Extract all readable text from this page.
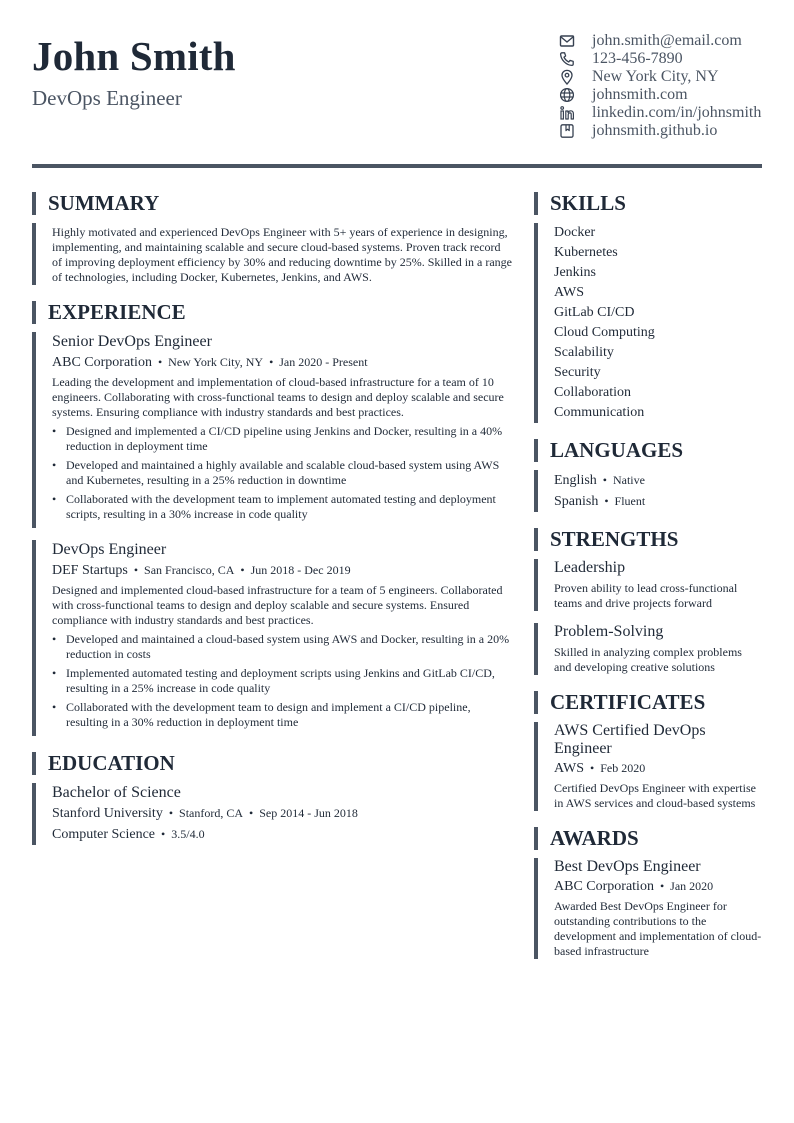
John Smith
DevOps Engineer
john.smith@email.com
123-456-7890
New York City, NY
johnsmith.com
linkedin.com/in/johnsmith
johnsmith.github.io
SUMMARY
Highly motivated and experienced DevOps Engineer with 5+ years of experience in designing, implementing, and maintaining scalable and secure cloud-based systems. Proven track record of improving deployment efficiency by 30% and reducing downtime by 25%. Skilled in a range of technologies, including Docker, Kubernetes, Jenkins, and AWS.
EXPERIENCE
Senior DevOps Engineer
ABC Corporation • New York City, NY • Jan 2020 - Present
Leading the development and implementation of cloud-based infrastructure for a team of 10 engineers. Collaborating with cross-functional teams to design and deploy scalable and secure systems. Ensuring compliance with industry standards and best practices.
• Designed and implemented a CI/CD pipeline using Jenkins and Docker, resulting in a 40% reduction in deployment time
• Developed and maintained a highly available and scalable cloud-based system using AWS and Kubernetes, resulting in a 25% reduction in downtime
• Collaborated with the development team to implement automated testing and deployment scripts, resulting in a 30% increase in code quality
DevOps Engineer
DEF Startups • San Francisco, CA • Jun 2018 - Dec 2019
Designed and implemented cloud-based infrastructure for a team of 5 engineers. Collaborated with cross-functional teams to design and deploy scalable and secure systems. Ensured compliance with industry standards and best practices.
• Developed and maintained a cloud-based system using AWS and Docker, resulting in a 20% reduction in costs
• Implemented automated testing and deployment scripts using Jenkins and GitLab CI/CD, resulting in a 25% increase in code quality
• Collaborated with the development team to design and implement a CI/CD pipeline, resulting in a 30% reduction in deployment time
EDUCATION
Bachelor of Science
Stanford University • Stanford, CA • Sep 2014 - Jun 2018
Computer Science • 3.5/4.0
SKILLS
Docker
Kubernetes
Jenkins
AWS
GitLab CI/CD
Cloud Computing
Scalability
Security
Collaboration
Communication
LANGUAGES
English • Native
Spanish • Fluent
STRENGTHS
Leadership
Proven ability to lead cross-functional teams and drive projects forward
Problem-Solving
Skilled in analyzing complex problems and developing creative solutions
CERTIFICATES
AWS Certified DevOps Engineer
AWS • Feb 2020
Certified DevOps Engineer with expertise in AWS services and cloud-based systems
AWARDS
Best DevOps Engineer
ABC Corporation • Jan 2020
Awarded Best DevOps Engineer for outstanding contributions to the development and implementation of cloud-based infrastructure
